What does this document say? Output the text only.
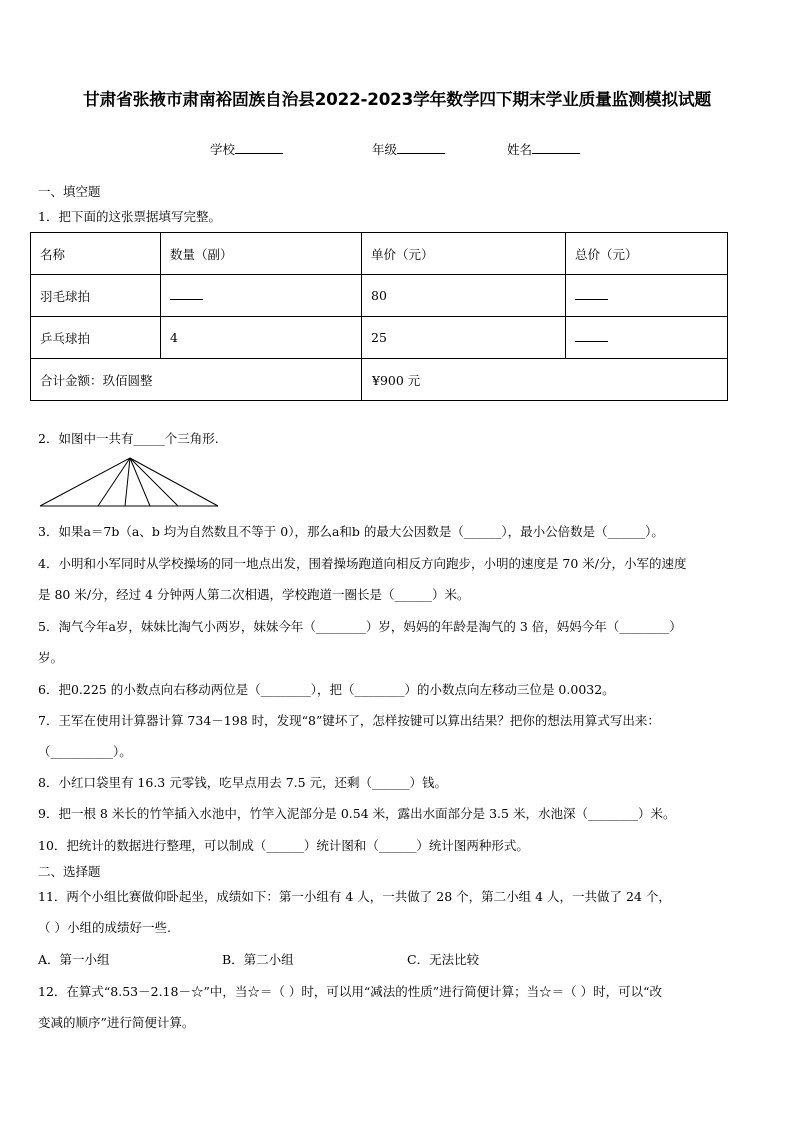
甘肃省张掖市肃南裕固族自治县2022-2023学年数学四下期末学业质量监测模拟试题
学校	年级	姓名
一、填空题
1．把下面的这张票据填写完整。
名称	数量（副）	单价（元）	总价（元）
羽毛球拍		80	
乒乓球拍	4	25	
合计金额：玖佰圆整		¥900 元	
2．如图中一共有_____个三角形.
3．如果a＝7b（a、b 均为自然数且不等于 0），那么a和b 的最大公因数是（______），最小公倍数是（______）。
4．小明和小军同时从学校操场的同一地点出发，围着操场跑道向相反方向跑步，小明的速度是 70 米/分，小军的速度
是 80 米/分，经过 4 分钟两人第二次相遇，学校跑道一圈长是（______）米。
5．淘气今年a岁，妹妹比淘气小两岁，妹妹今年（________）岁，妈妈的年龄是淘气的 3 倍，妈妈今年（________）
岁。
6．把0.225 的小数点向右移动两位是（________），把（________）的小数点向左移动三位是 0.0032。
7．王军在使用计算器计算 734－198 时，发现“8”键坏了，怎样按键可以算出结果？把你的想法用算式写出来：
（__________）。
8．小红口袋里有 16.3 元零钱，吃早点用去 7.5 元，还剩（______）钱。
9．把一根 8 米长的竹竿插入水池中，竹竿入泥部分是 0.54 米，露出水面部分是 3.5 米，水池深（________）米。
10．把统计的数据进行整理，可以制成（______）统计图和（______）统计图两种形式。
二、选择题
11．两个小组比赛做仰卧起坐，成绩如下：第一小组有 4 人，一共做了 28 个，第二小组 4 人，一共做了 24 个，
（ ）小组的成绩好一些.
A．第一小组	B．第二小组	C．无法比较
12．在算式“8.53－2.18－☆”中，当☆＝（ ）时，可以用“减法的性质”进行简便计算；当☆＝（ ）时，可以“改
变减的顺序”进行简便计算。
